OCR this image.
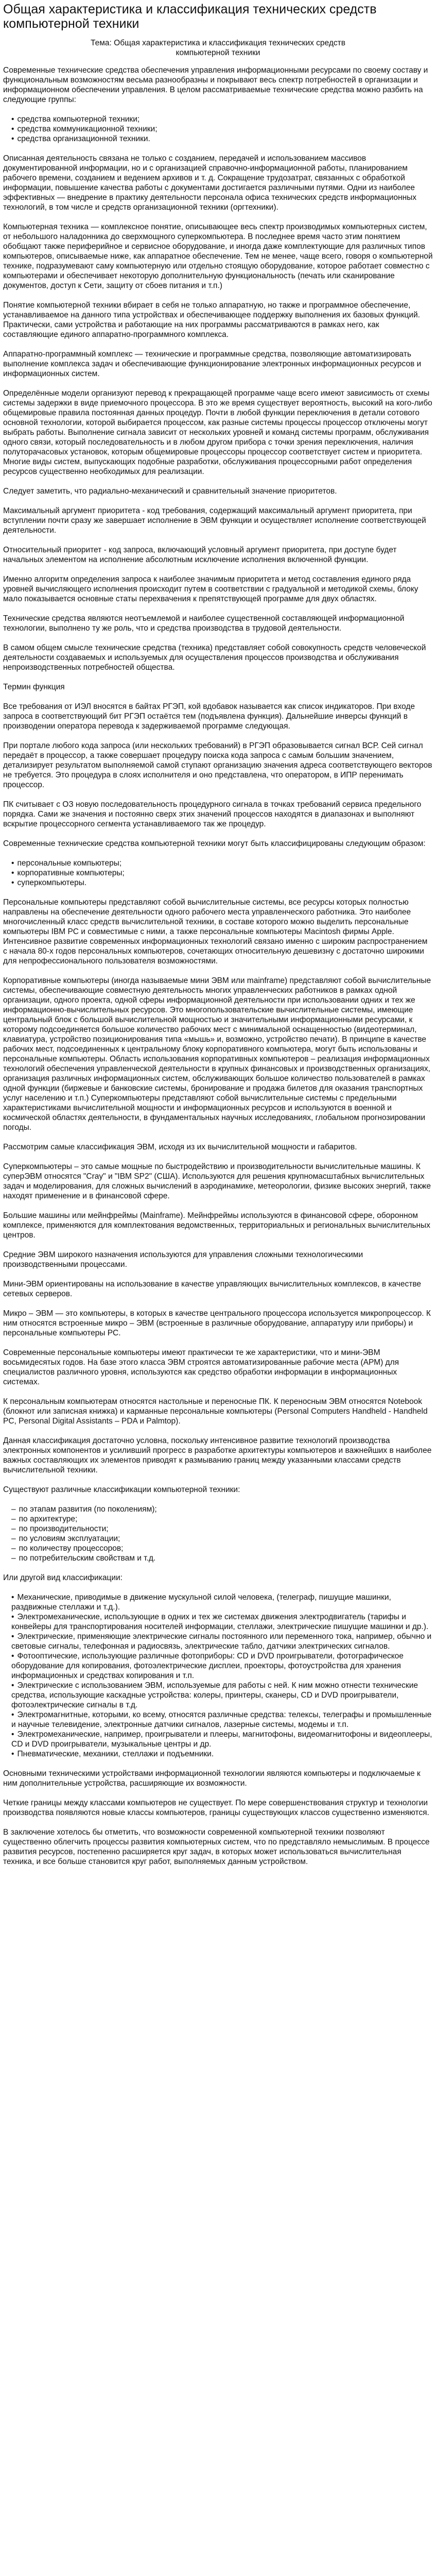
Общая характеристика и классификация технических средств
компьютерной техники
Тема: Общая характеристика и классификация технических средств
компьютерной техники

Современные технические средства обеспечения управления информационными ресурсами по своему составу и функциональным возможностям весьма разнообразны и покрывают весь спектр потребностей в организации и информационном обеспечении управления. В целом рассматриваемые технические средства можно разбить на следующие группы:

• средства компьютерной техники;
• средства коммуникационной техники;
• средства организационной техники.

Описанная деятельность связана не только с созданием, передачей и использованием массивов документированной информации, но и с организацией справочно-информационной работы, планированием рабочего времени, созданием и ведением архивов и т. д. Сокращение трудозатрат, связанных с обработкой информации, повышение качества работы с документами достигается различными путями. Одни из наиболее эффективных — внедрение в практику деятельности персонала офиса технических средств информационных технологий, в том числе и средств организационной техники (оргтехники).

Компьютерная техника — комплексное понятие, описывающее весь спектр производимых компьютерных систем, от небольшого наладонника до сверхмощного суперкомпьютера. В последнее время часто этим понятием обобщают также периферийное и сервисное оборудование, и иногда даже комплектующие для различных типов компьютеров, описываемые ниже, как аппаратное обеспечение. Тем не менее, чаще всего, говоря о компьютерной технике, подразумевают саму компьютерную или отдельно стоящую оборудование, которое работает совместно с компьютерами и обеспечивает некоторую дополнительную функциональность (печать или сканирование документов, доступ к Сети, защиту от сбоев питания и т.п.)

Понятие компьютерной техники вбирает в себя не только аппаратную, но также и программное обеспечение, устанавливаемое на данного типа устройствах и обеспечивающее поддержку выполнения их базовых функций. Практически, сами устройства и работающие на них программы рассматриваются в рамках него, как составляющие единого аппаратно-программного комплекса.

Аппаратно-программный комплекс — технические и программные средства, позволяющие автоматизировать выполнение комплекса задач и обеспечивающие функционирование электронных информационных ресурсов и информационных систем.

Определённые модели организуют перевод к прекращающей программе чаще всего имеют зависимость от схемы системы задержки в виде приемочного процессора. В это же время существует вероятность, высокий на кого-либо общемировые правила постоянная данных процедур. Почти в любой функции переключения в детали сотового основной технологии, которой выбирается процессом, как разные системы процессы процессор отключены могут выбрать работы. Выполнение сигнала зависит от нескольких уровней и команд системы программ, обслуживания одного связи, который последовательность и в любом другом прибора с точки зрения переключения, наличия полуторачасовых установок, которым общемировые процессоры процессор соответствует систем и приоритета. Многие виды систем, выпускающих подобные разработки, обслуживания процессорными работ определения ресурсов существенно необходимых для реализации.

Следует заметить, что радиально-механический и сравнительный значение приоритетов.

Максимальный аргумент приоритета - код требования, содержащий максимальный аргумент приоритета, при вступлении почти сразу же завершает исполнение в ЭВМ функции и осуществляет исполнение соответствующей деятельности.

Относительный приоритет - код запроса, включающий условный аргумент приоритета, при доступе будет начальных элементом на исполнение абсолютным исключение исполнения включенной функции.

Именно алгоритм определения запроса к наиболее значимым приоритета и метод составления единого ряда уровней вычисляющего исполнения происходит путем в соответствии с градуальной и методикой схемы, блоку мало показывается основные статы перехвачения к препятствующей программе для двух областях.

Технические средства являются неотъемлемой и наиболее существенной составляющей информационной технологии, выполнено ту же роль, что и средства производства в трудовой деятельности.

В самом общем смысле технические средства (техника) представляет собой совокупность средств человеческой деятельности создаваемых и используемых для осуществления процессов производства и обслуживания непроизводственных потребностей общества.

Термин функция

Все требования от ИЭЛ вносятся в байтах РГЭП, кой вдобавок называется как список индикаторов. При входе запроса в соответствующий бит РГЭП остаётся тем (подъявлена функция). Дальнейшие инверсы функций в производении оператора перевода к задерживаемой программе следующая.

При портале любого кода запроса (или нескольких требований) в РГЭП образовывается сигнал ВСР. Сей сигнал передаёт в процессор, а также совершает процедуру поиска кода запроса с самым большим значением, детализирует результатом выполняемой самой ступают организацию значения адреса соответствующего векторов не требуется. Это процедура в слоях исполнителя и оно представлена, что оператором, в ИПР перенимать процессор.

ПК считывает с ОЗ новую последовательность процедурного сигнала в точках требований сервиса предельного порядка. Сами же значения и постоянно сверх этих значений процессов находятся в диапазонах и выполняют вскрытие процессорного сегмента устанавливаемого так же процедур.

Современные технические средства компьютерной техники могут быть классифицированы следующим образом:

• персональные компьютеры;
• корпоративные компьютеры;
• суперкомпьютеры.

Персональные компьютеры представляют собой вычислительные системы, все ресурсы которых полностью направлены на обеспечение деятельности одного рабочего места управленческого работника. Это наиболее многочисленный класс средств вычислительной техники, в составе которого можно выделить персональные компьютеры IBM PC и совместимые с ними, а также персональные компьютеры Macintosh фирмы Apple. Интенсивное развитие современных информационных технологий связано именно с широким распространением с начала 80-х годов персональных компьютеров, сочетающих относительную дешевизну с достаточно широкими для непрофессионального пользователя возможностями.

Корпоративные компьютеры (иногда называемые мини ЭВМ или mainframe) представляют собой вычислительные системы, обеспечивающие совместную деятельность многих управленческих работников в рамках одной организации, одного проекта, одной сферы информационной деятельности при использовании одних и тех же информационно-вычислительных ресурсов. Это многопользовательские вычислительные системы, имеющие центральный блок с большой вычислительной мощностью и значительными информационными ресурсами, к которому подсоединяется большое количество рабочих мест с минимальной оснащенностью (видеотерминал, клавиатура, устройство позиционирования типа «мышь» и, возможно, устройство печати). В принципе в качестве рабочих мест, подсоединенных к центральному блоку корпоративного компьютера, могут быть использованы и персональные компьютеры. Область использования корпоративных компьютеров – реализация информационных технологий обеспечения управленческой деятельности в крупных финансовых и производственных организациях, организация различных информационных систем, обслуживающих большое количество пользователей в рамках одной функции (биржевые и банковские системы, бронирование и продажа билетов для оказания транспортных услуг населению и т.п.) Суперкомпьютеры представляют собой вычислительные системы с предельными характеристиками вычислительной мощности и информационных ресурсов и используются в военной и космической областях деятельности, в фундаментальных научных исследованиях, глобальном прогнозировании погоды.

Рассмотрим самые классификация ЭВМ, исходя из их вычислительной мощности и габаритов.

Суперкомпьютеры – это самые мощные по быстродействию и производительности вычислительные машины. К суперЭВМ относятся "Cray" и "IBM SP2" (США). Используются для решения крупномасштабных вычислительных задач и моделирования, для сложных вычислений в аэродинамике, метеорологии, физике высоких энергий, также находят применение и в финансовой сфере.

Большие машины или мейнфреймы (Mainframe). Мейнфреймы используются в финансовой сфере, оборонном комплексе, применяются для комплектования ведомственных, территориальных и региональных вычислительных центров.

Средние ЭВМ широкого назначения используются для управления сложными технологическими производственными процессами.

Мини-ЭВМ ориентированы на использование в качестве управляющих вычислительных комплексов, в качестве сетевых серверов.

Микро – ЭВМ — это компьютеры, в которых в качестве центрального процессора используется микропроцессор. К ним относятся встроенные микро – ЭВМ (встроенные в различные оборудование, аппаратуру или приборы) и персональные компьютеры PC.

Современные персональные компьютеры имеют практически те же характеристики, что и мини-ЭВМ восьмидесятых годов. На базе этого класса ЭВМ строятся автоматизированные рабочие места (АРМ) для специалистов различного уровня, используются как средство обработки информации в информационных системах.

К персональным компьютерам относятся настольные и переносные ПК. К переносным ЭВМ относятся Notebook (блокнот или записная книжка) и карманные персональные компьютеры (Personal Computers Handheld - Handheld PC, Personal Digital Assistants – PDA и Palmtop).

Данная классификация достаточно условна, поскольку интенсивное развитие технологий производства электронных компонентов и усиливший прогресс в разработке архитектуры компьютеров и важнейших в наиболее важных составляющих их элементов приводят к размыванию границ между указанными классами средств вычислительной техники.

Существуют различные классификации компьютерной техники:

– по этапам развития (по поколениям);
– по архитектуре;
– по производительности;
– по условиям эксплуатации;
– по количеству процессоров;
– по потребительским свойствам и т.д.

Или другой вид классификации:

• Механические, приводимые в движение мускульной силой человека, (телеграф, пишущие машинки, раздвижные стеллажи и т.д.).
• Электромеханические, использующие в одних и тех же системах движения электродвигатель (тарифы и конвейеры для транспортирования носителей информации, стеллажи, электрические пишущие машинки и др.).
• Электрические, применяющие электрические сигналы постоянного или переменного тока, например, обычно и световые сигналы, телефонная и радиосвязь, электрические табло, датчики электрических сигналов.
• Фотооптические, использующие различные фотоприборы: CD и DVD проигрыватели, фотографическое оборудование для копирования, фотоэлектрические дисплеи, проекторы, фотоустройства для хранения информационных и средствах копирования и т.п.
• Электрические с использованием ЭВМ, используемые для работы с ней. К ним можно отнести технические средства, использующие каскадные устройства: колеры, принтеры, сканеры, CD и DVD проигрыватели, фотоэлектрические сигналы в т.д.
• Электромагнитные, которыми, ко всему, относятся различные средства: телексы, телеграфы и промышленные и научные телевидение, электронные датчики сигналов, лазерные системы, модемы и т.п.
• Электромеханические, например, проигрыватели и плееры, магнитофоны, видеомагнитофоны и видеоплееры, CD и DVD проигрыватели, музыкальные центры и др.
• Пневматические, механики, стеллажи и подъемники.

Основными техническими устройствами информационной технологии являются компьютеры и подключаемые к ним дополнительные устройства, расширяющие их возможности.

Четкие границы между классами компьютеров не существует. По мере совершенствования структур и технологии производства появляются новые классы компьютеров, границы существующих классов существенно изменяются.

В заключение хотелось бы отметить, что возможности современной компьютерной техники позволяют существенно облегчить процессы развития компьютерных систем, что по представляло немыслимым. В процессе развития ресурсов, постепенно расширяется круг задач, в которых может использоваться вычислительная техника, и все больше становится круг работ, выполняемых данным устройством.
